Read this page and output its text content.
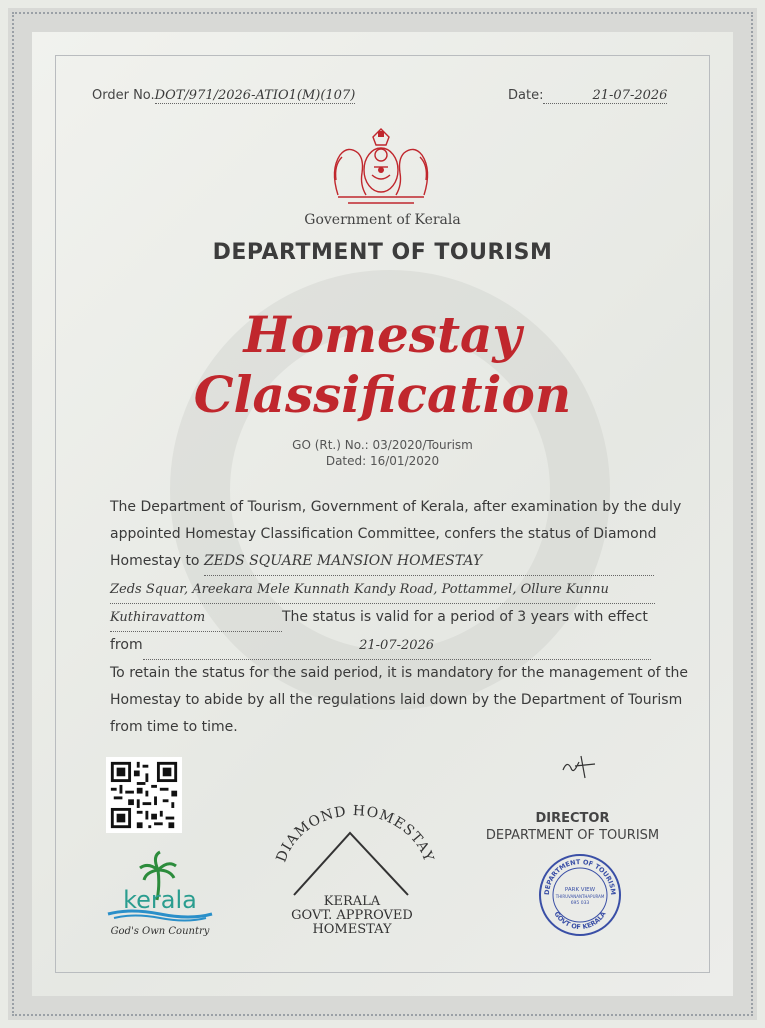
Order No.DOT/971/2026-ATIO1(M)(107)	Date:	21-07-2026
Government of Kerala
DEPARTMENT OF TOURISM
Homestay
Classification
GO (Rt.) No.: 03/2020/Tourism
Dated: 16/01/2020
The Department of Tourism, Government of Kerala, after examination by the duly
appointed Homestay Classification Committee, confers the status of Diamond
Homestay to ZEDS SQUARE MANSION HOMESTAY
Zeds Squar, Areekara Mele Kunnath Kandy Road, Pottammel, Ollure Kunnu
Kuthiravattom	The status is valid for a period of 3 years with effect
from	21-07-2026
To retain the status for the said period, it is mandatory for the management of the
Homestay to abide by all the regulations laid down by the Department of Tourism
from time to time.
kerala
God's Own Country
DIAMOND HOMESTAY
KERALA
GOVT. APPROVED
HOMESTAY
DIRECTOR
DEPARTMENT OF TOURISM
DEPARTMENT OF TOURISM
GOVT OF KERALA
PARK VIEW
THIRUVANANTHAPURAM
695 033
